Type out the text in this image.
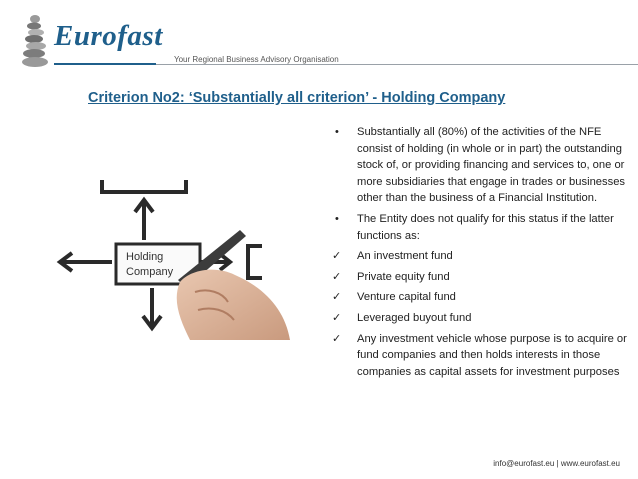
Eurofast
Your Regional Business Advisory Organisation
Criterion No2: ‘Substantially all criterion’ - Holding Company
Holding
Company
Substantially all (80%) of the activities of the NFE consist of holding (in whole or in part) the outstanding stock of, or providing financing and services to, one or more subsidiaries that engage in trades or businesses other than the business of a Financial Institution.
The Entity does not qualify for this status if the latter functions as:
✓	An investment fund
✓	Private equity fund
✓	Venture capital fund
✓	Leveraged buyout fund
✓	Any investment vehicle whose purpose is to acquire or fund companies and then holds interests in those companies as capital assets for investment purposes
info@eurofast.eu | www.eurofast.eu
